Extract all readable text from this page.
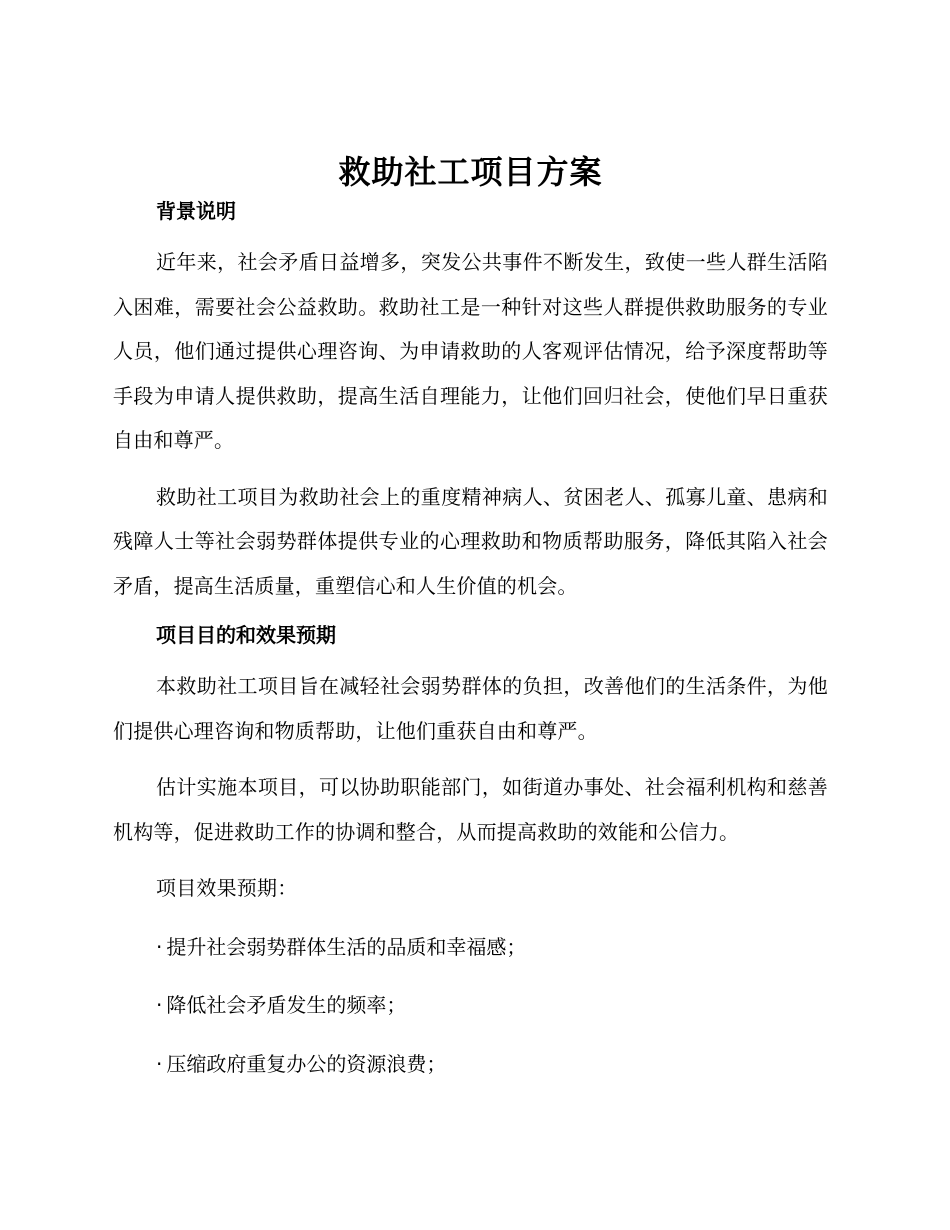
救助社工项目方案
背景说明

近年来，社会矛盾日益增多，突发公共事件不断发生，致使一些人群生活陷入困难，需要社会公益救助。救助社工是一种针对这些人群提供救助服务的专业人员，他们通过提供心理咨询、为申请救助的人客观评估情况，给予深度帮助等手段为申请人提供救助，提高生活自理能力，让他们回归社会，使他们早日重获自由和尊严。

救助社工项目为救助社会上的重度精神病人、贫困老人、孤寡儿童、患病和残障人士等社会弱势群体提供专业的心理救助和物质帮助服务，降低其陷入社会矛盾，提高生活质量，重塑信心和人生价值的机会。

项目目的和效果预期

本救助社工项目旨在减轻社会弱势群体的负担，改善他们的生活条件，为他们提供心理咨询和物质帮助，让他们重获自由和尊严。

估计实施本项目，可以协助职能部门，如街道办事处、社会福利机构和慈善机构等，促进救助工作的协调和整合，从而提高救助的效能和公信力。

项目效果预期：

· 提升社会弱势群体生活的品质和幸福感；
· 降低社会矛盾发生的频率；
· 压缩政府重复办公的资源浪费；
